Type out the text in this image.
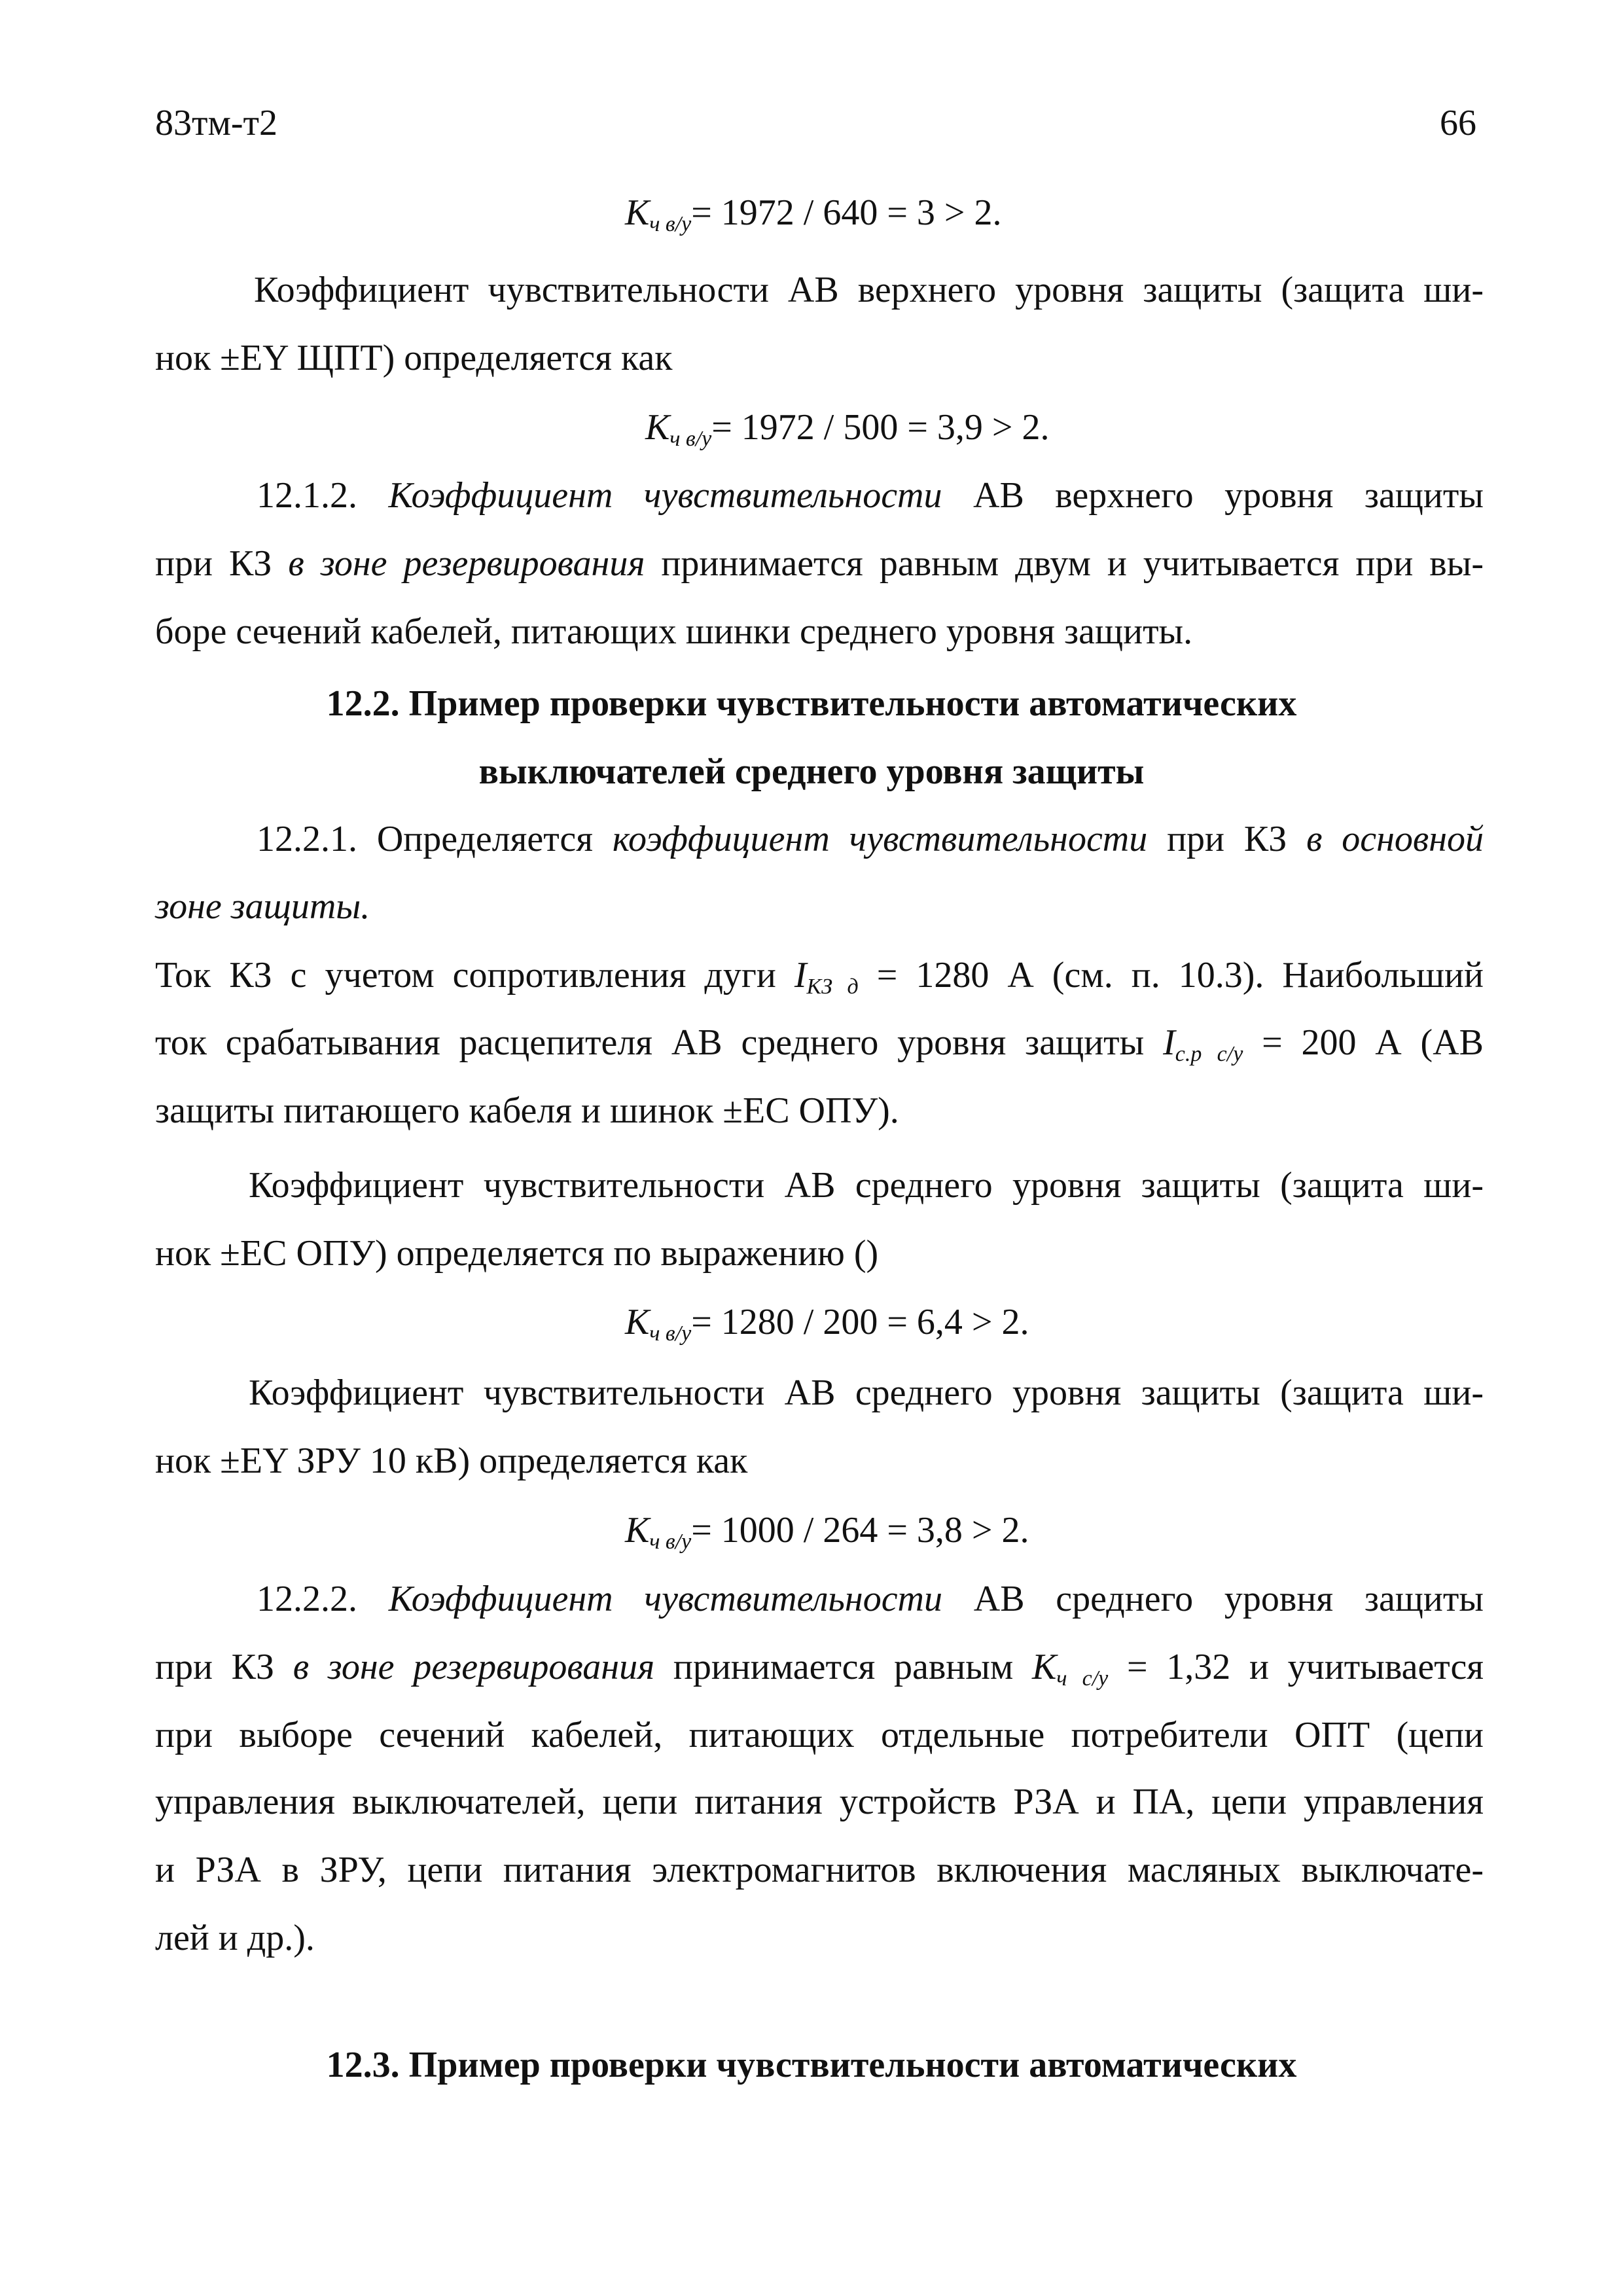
83тм-т2	66
$К_{ч в/у}= 1972 / 640 = 3 > 2$.
Коэффициент чувствительности АВ верхнего уровня защиты (защита ши-
нок ±EY ЩПТ) определяется как
$К_{ч в/у}= 1972 / 500 = 3,9 > 2$.
12.1.2. Коэффициент чувствительности АВ верхнего уровня защиты
при КЗ в зоне резервирования принимается равным двум и учитывается при вы-
боре сечений кабелей, питающих шинки среднего уровня защиты.
12.2. Пример проверки чувствительности автоматических
выключателей среднего уровня защиты
12.2.1. Определяется коэффициент чувствительности при КЗ в основной
зоне защиты.
Ток КЗ с учетом сопротивления дуги $I_{КЗ д} = 1280$ А (см. п. 10.3). Наибольший
ток срабатывания расцепителя АВ среднего уровня защиты $I_{с.р с/у} = 200$ А (АВ
защиты питающего кабеля и шинок ±EC ОПУ).
Коэффициент чувствительности АВ среднего уровня защиты (защита ши-
нок ±EC ОПУ) определяется по выражению ()
$К_{ч в/у}= 1280 / 200 = 6,4 > 2$.
Коэффициент чувствительности АВ среднего уровня защиты (защита ши-
нок ±EY ЗРУ 10 кВ) определяется как
$К_{ч в/у}= 1000 / 264 = 3,8 > 2$.
12.2.2. Коэффициент чувствительности АВ среднего уровня защиты
при КЗ в зоне резервирования принимается равным $К_{ч с/у} = 1,32$ и учитывается
при выборе сечений кабелей, питающих отдельные потребители ОПТ (цепи
управления выключателей, цепи питания устройств РЗА и ПА, цепи управления
и РЗА в ЗРУ, цепи питания электромагнитов включения масляных выключате-
лей и др.).
12.3. Пример проверки чувствительности автоматических
